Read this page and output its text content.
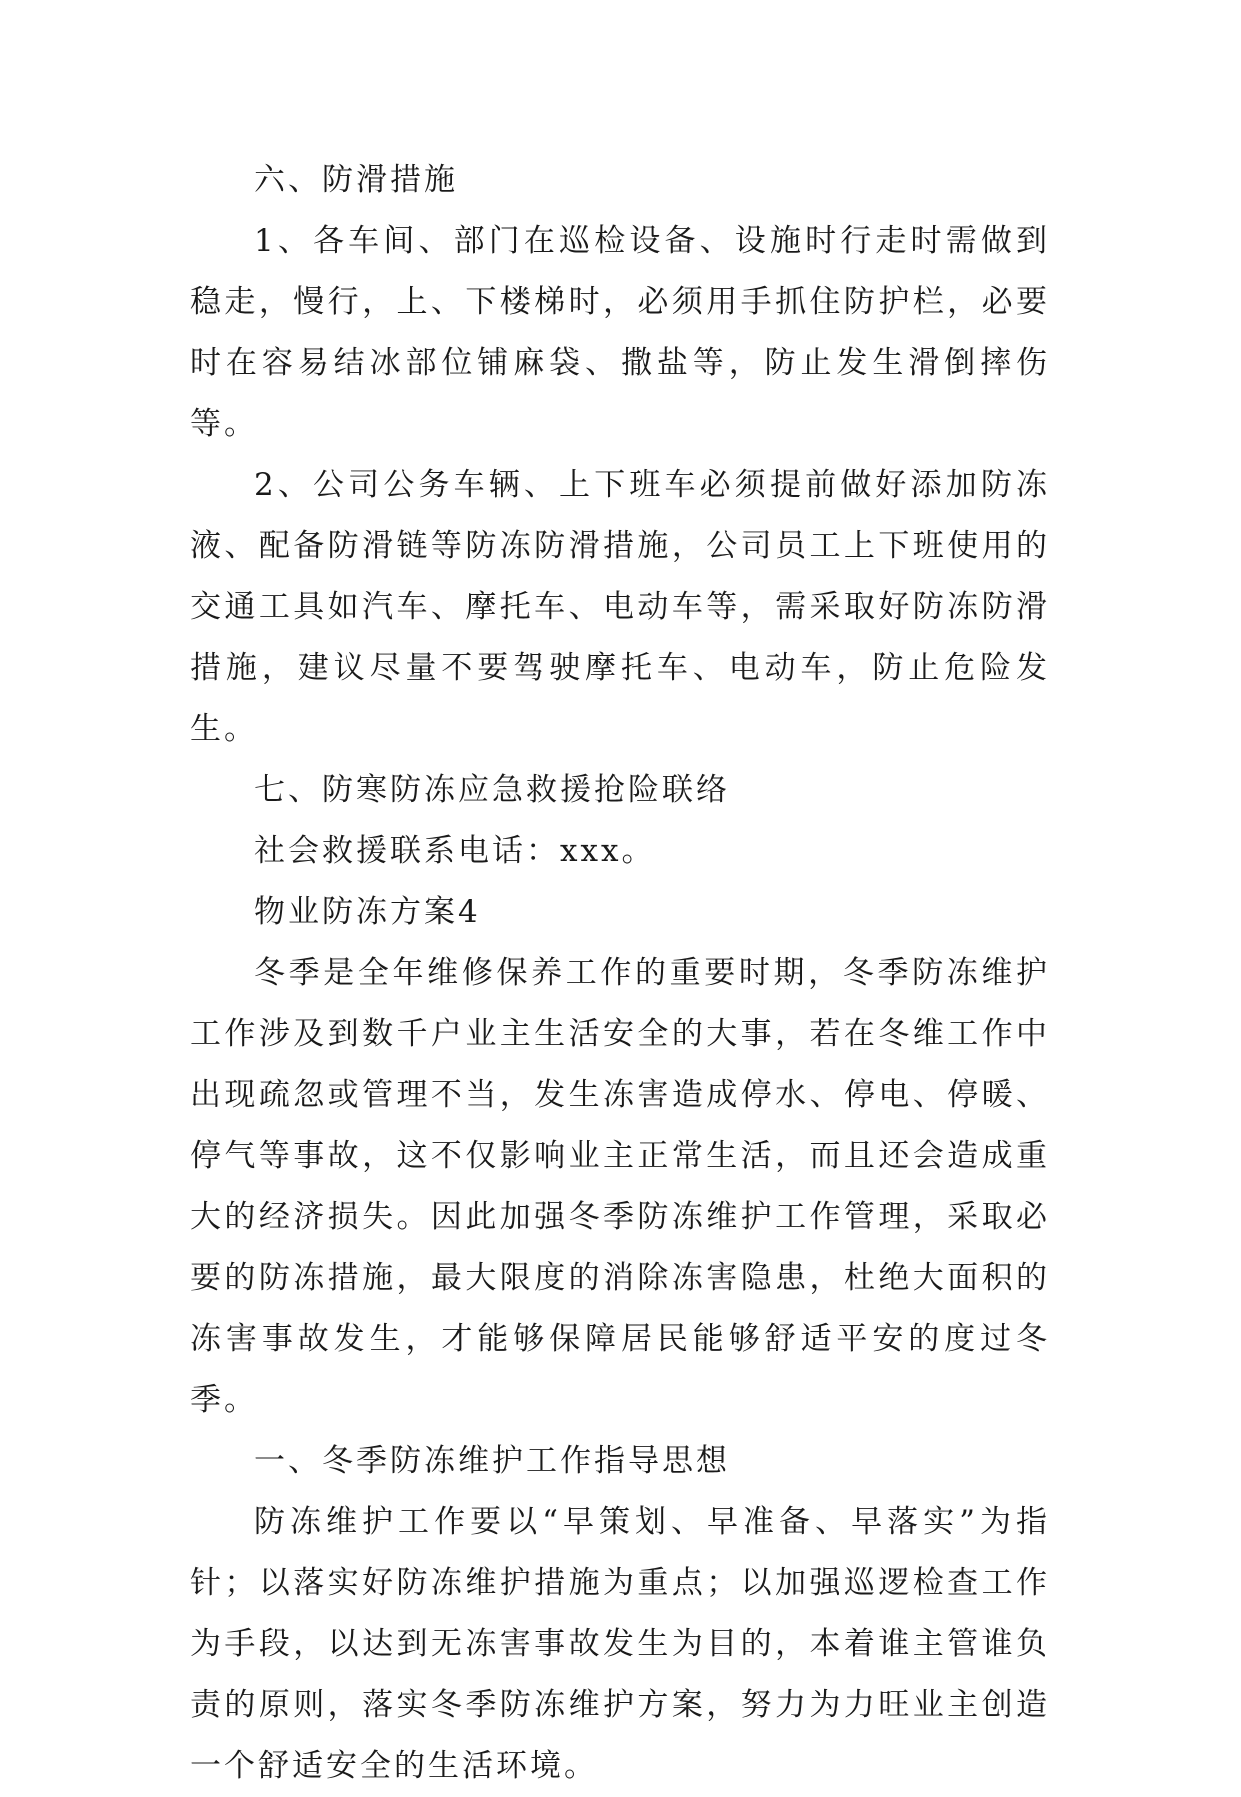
六、防滑措施

1、各车间、部门在巡检设备、设施时行走时需做到稳走，慢行，上、下楼梯时，必须用手抓住防护栏，必要时在容易结冰部位铺麻袋、撒盐等，防止发生滑倒摔伤等。

2、公司公务车辆、上下班车必须提前做好添加防冻液、配备防滑链等防冻防滑措施，公司员工上下班使用的交通工具如汽车、摩托车、电动车等，需采取好防冻防滑措施，建议尽量不要驾驶摩托车、电动车，防止危险发生。

七、防寒防冻应急救援抢险联络

社会救援联系电话：xxx。

物业防冻方案4

冬季是全年维修保养工作的重要时期，冬季防冻维护工作涉及到数千户业主生活安全的大事，若在冬维工作中出现疏忽或管理不当，发生冻害造成停水、停电、停暖、停气等事故，这不仅影响业主正常生活，而且还会造成重大的经济损失。因此加强冬季防冻维护工作管理，采取必要的防冻措施，最大限度的消除冻害隐患，杜绝大面积的冻害事故发生，才能够保障居民能够舒适平安的度过冬季。

一、冬季防冻维护工作指导思想

防冻维护工作要以“早策划、早准备、早落实”为指针；以落实好防冻维护措施为重点；以加强巡逻检查工作为手段，以达到无冻害事故发生为目的，本着谁主管谁负责的原则，落实冬季防冻维护方案，努力为力旺业主创造一个舒适安全的生活环境。
